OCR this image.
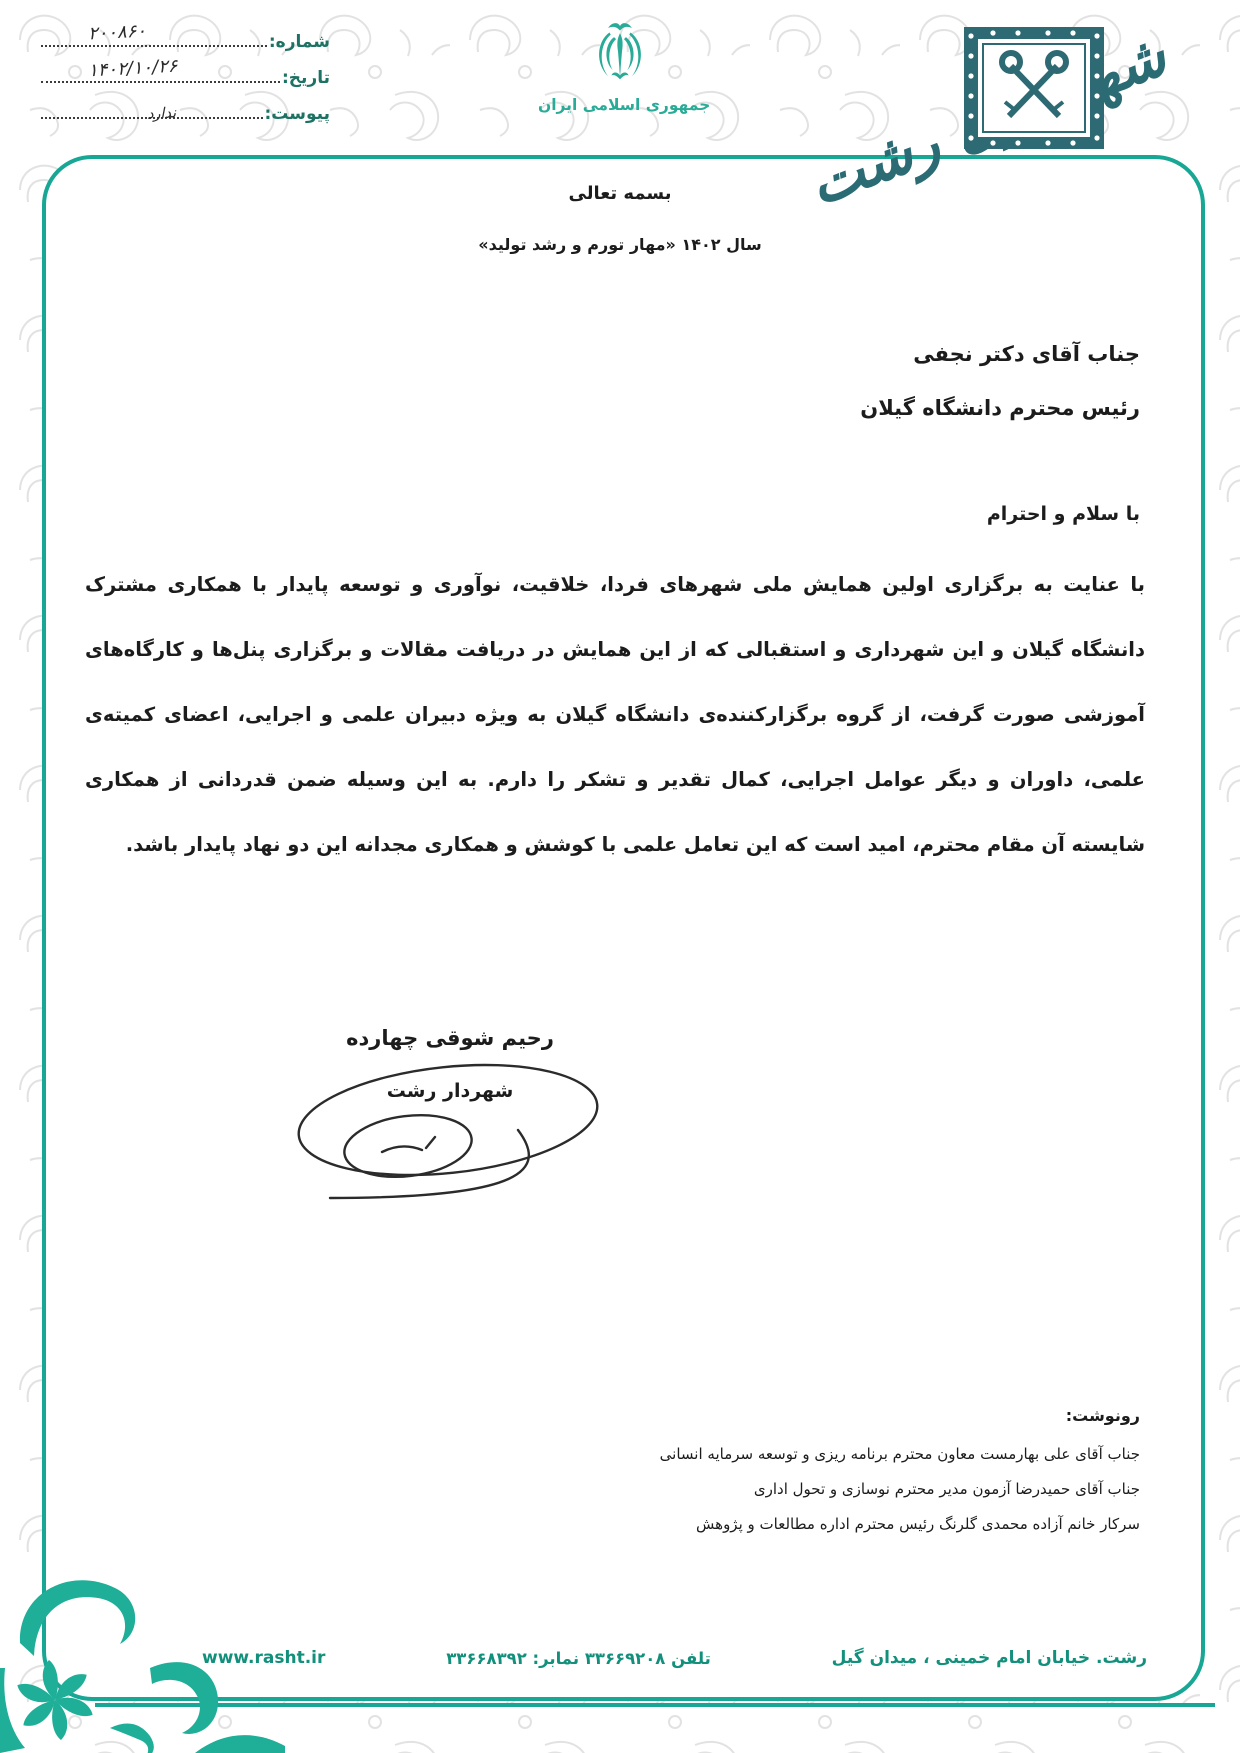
شماره:
۲۰۰۸۶۰
تاریخ:
۱۴۰۲/۱۰/۲۶
پیوست:
ندارد	جمهوری اسلامی ایران
رشت
بسمه تعالی
سال ۱۴۰۲ «مهار تورم و رشد تولید»
جناب آقای دکتر نجفی
رئیس محترم دانشگاه گیلان
با سلام و احترام
با عنایت به برگزاری اولین همایش ملی شهرهای فردا، خلاقیت، نوآوری و توسعه پایدار با همکاری مشترک دانشگاه گیلان و این شهرداری و استقبالی که از این همایش در دریافت مقالات و برگزاری پنل‌ها و کارگاه‌های آموزشی صورت گرفت، از گروه برگزارکننده‌ی دانشگاه گیلان به ویژه دبیران علمی و اجرایی، اعضای کمیته‌ی علمی، داوران و دیگر عوامل اجرایی، کمال تقدیر و تشکر را دارم. به این وسیله ضمن قدردانی از همکاری شایسته آن مقام محترم، امید است که این تعامل علمی با کوشش و همکاری مجدانه این دو نهاد پایدار باشد.
رحیم شوقی چهارده
شهردار رشت
رونوشت:
جناب آقای علی بهارمست معاون محترم برنامه ریزی و توسعه سرمایه انسانی
جناب آقای حمیدرضا آزمون مدیر محترم نوسازی و تحول اداری
سرکار خانم آزاده محمدی گلرنگ رئیس محترم اداره مطالعات و پژوهش
رشت. خیابان امام خمینی ، میدان گیل
تلفن ۳۳۶۶۹۲۰۸ نمابر: ۳۳۶۶۸۳۹۲
www.rasht.ir
